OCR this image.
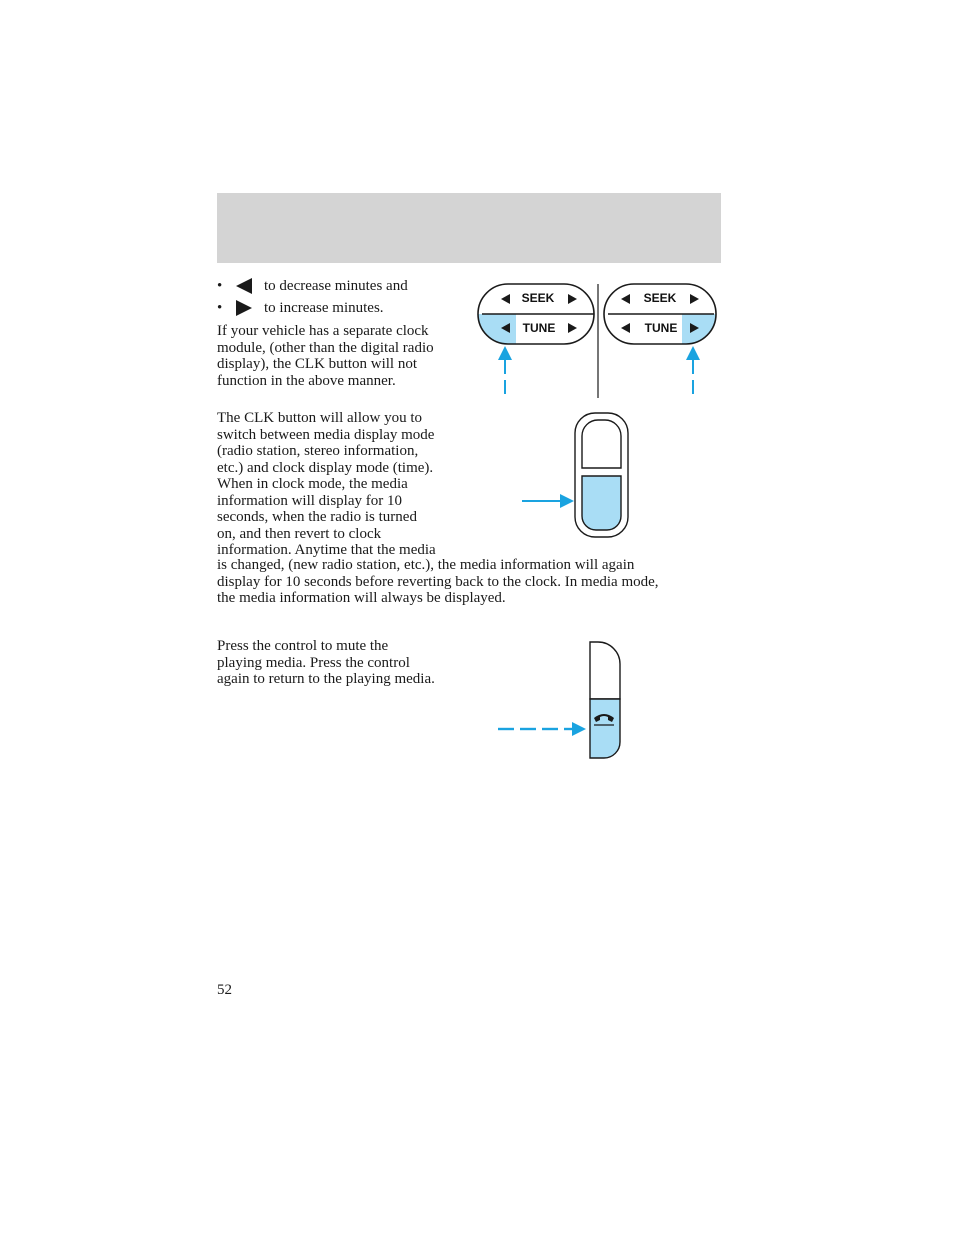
•	to decrease minutes and
•	to increase minutes.
If your vehicle has a separate clock
module, (other than the digital radio
display), the CLK button will not
function in the above manner.
SEEK
TUNE
SEEK
TUNE
The CLK button will allow you to
switch between media display mode
(radio station, stereo information,
etc.) and clock display mode (time).
When in clock mode, the media
information will display for 10
seconds, when the radio is turned
on, and then revert to clock
information. Anytime that the media
is changed, (new radio station, etc.), the media information will again
display for 10 seconds before reverting back to the clock. In media mode,
the media information will always be displayed.
Press the control to mute the
playing media. Press the control
again to return to the playing media.
52
